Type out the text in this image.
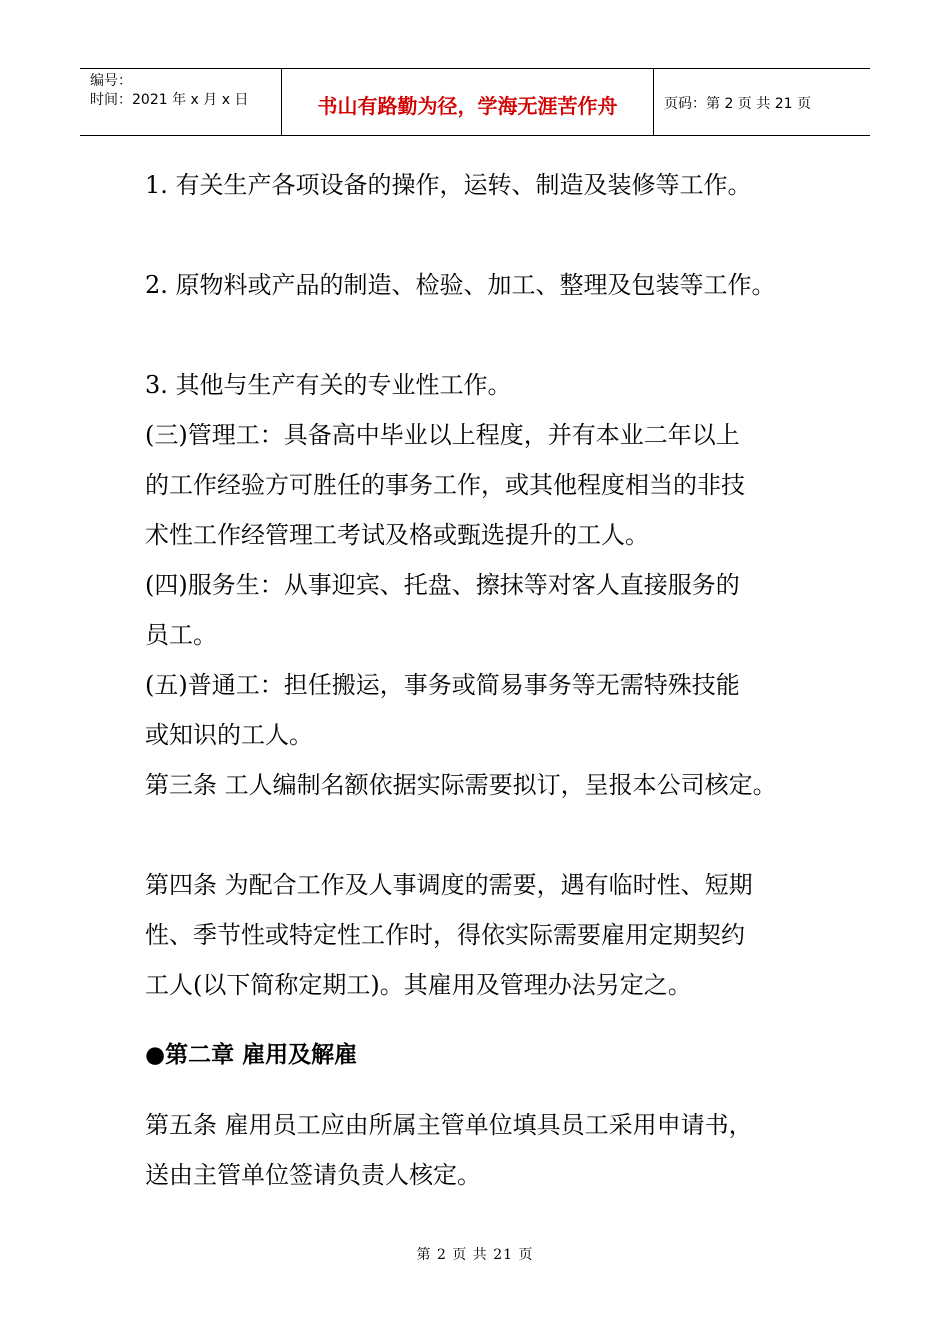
编号：
时间：2021 年 x 月 x 日	书山有路勤为径，学海无涯苦作舟	页码：第 2 页 共 21 页
1. 有关生产各项设备的操作，运转、制造及装修等工作。
2. 原物料或产品的制造、检验、加工、整理及包装等工作。
3. 其他与生产有关的专业性工作。
(三)管理工：具备高中毕业以上程度，并有本业二年以上
的工作经验方可胜任的事务工作，或其他程度相当的非技
术性工作经管理工考试及格或甄选提升的工人。
(四)服务生：从事迎宾、托盘、擦抹等对客人直接服务的
员工。
(五)普通工：担任搬运，事务或简易事务等无需特殊技能
或知识的工人。
第三条 工人编制名额依据实际需要拟订，呈报本公司核定。
第四条 为配合工作及人事调度的需要，遇有临时性、短期
性、季节性或特定性工作时，得依实际需要雇用定期契约
工人(以下简称定期工)。其雇用及管理办法另定之。
●第二章 雇用及解雇
第五条 雇用员工应由所属主管单位填具员工采用申请书，
送由主管单位签请负责人核定。
第 2 页 共 21 页
